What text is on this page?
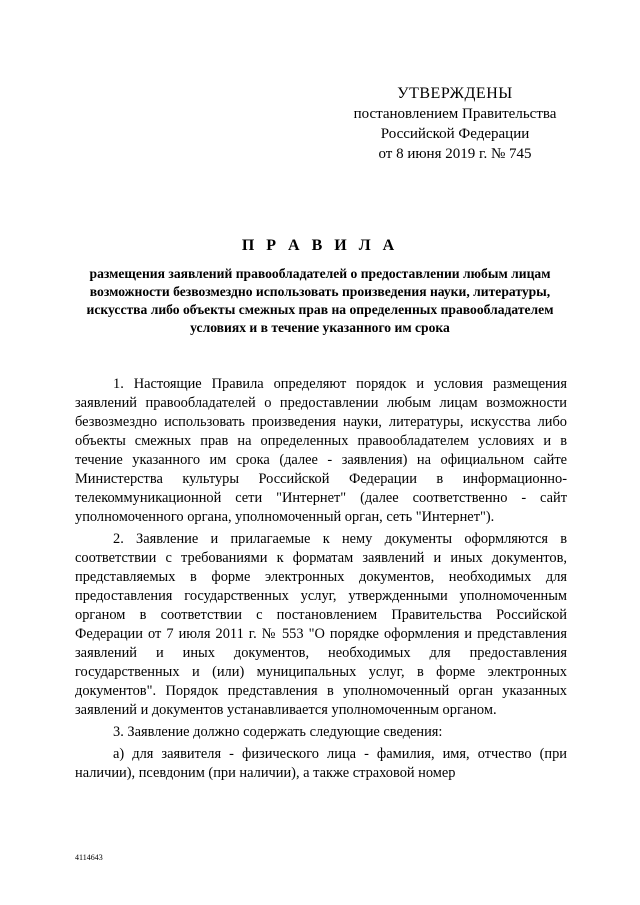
УТВЕРЖДЕНЫ
постановлением Правительства
Российской Федерации
от 8 июня 2019 г. № 745
П Р А В И Л А
размещения заявлений правообладателей о предоставлении любым лицам возможности безвозмездно использовать произведения науки, литературы, искусства либо объекты смежных прав на определенных правообладателем условиях и в течение указанного им срока

1. Настоящие Правила определяют порядок и условия размещения заявлений правообладателей о предоставлении любым лицам возможности безвозмездно использовать произведения науки, литературы, искусства либо объекты смежных прав на определенных правообладателем условиях и в течение указанного им срока (далее - заявления) на официальном сайте Министерства культуры Российской Федерации в информационно-телекоммуникационной сети "Интернет" (далее соответственно - сайт уполномоченного органа, уполномоченный орган, сеть "Интернет").

2. Заявление и прилагаемые к нему документы оформляются в соответствии с требованиями к форматам заявлений и иных документов, представляемых в форме электронных документов, необходимых для предоставления государственных услуг, утвержденными уполномоченным органом в соответствии с постановлением Правительства Российской Федерации от 7 июля 2011 г. № 553 "О порядке оформления и представления заявлений и иных документов, необходимых для предоставления государственных и (или) муниципальных услуг, в форме электронных документов". Порядок представления в уполномоченный орган указанных заявлений и документов устанавливается уполномоченным органом.

3. Заявление должно содержать следующие сведения:

а) для заявителя - физического лица - фамилия, имя, отчество (при наличии), псевдоним (при наличии), а также страховой номер

4114643
